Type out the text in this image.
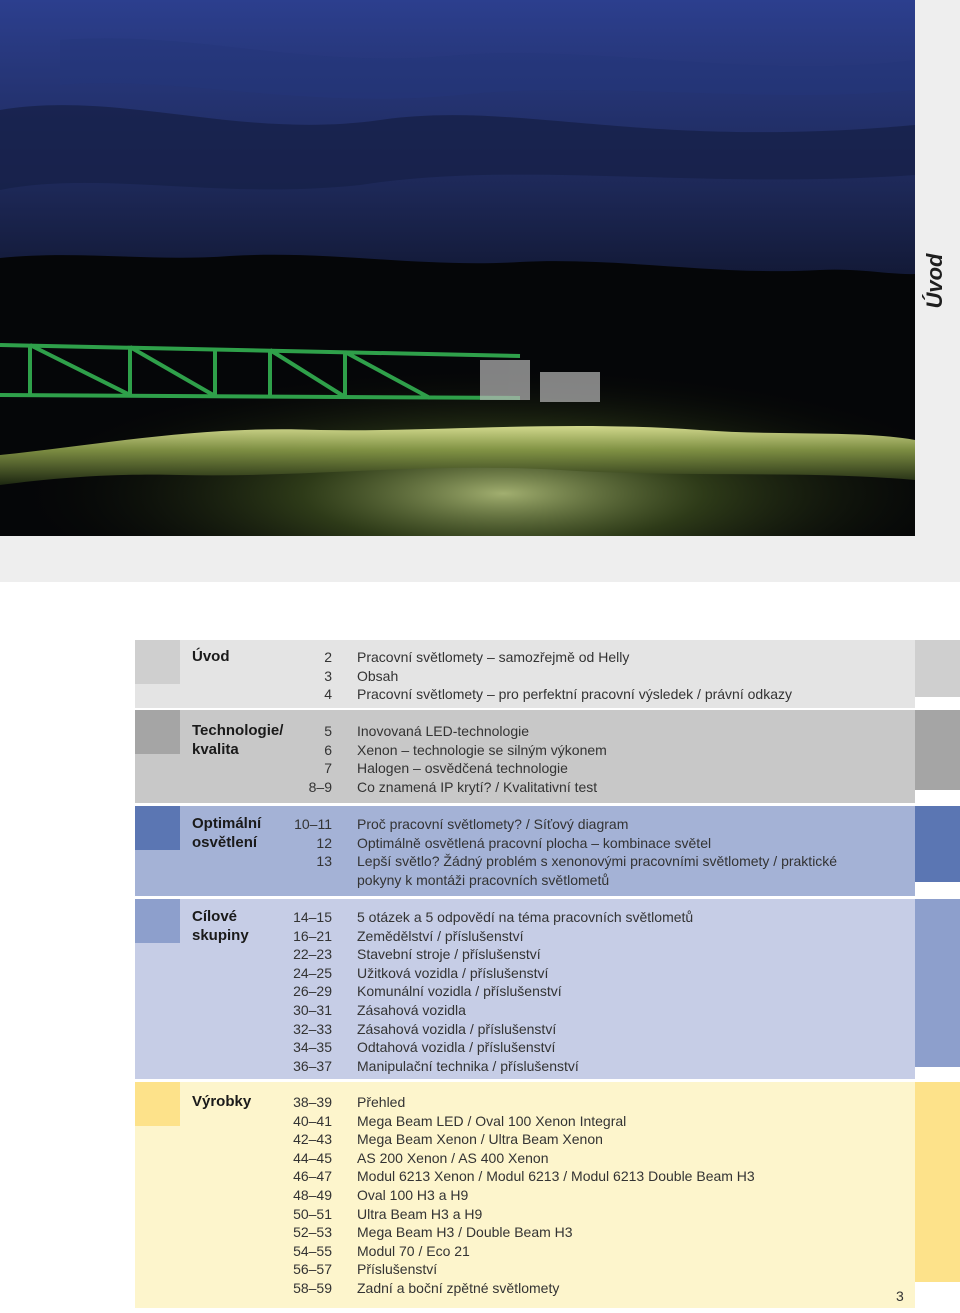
Úvod
Úvod	2
3
4
Pracovní světlomety – samozřejmě od Helly
Obsah
Pracovní světlomety – pro perfektní pracovní výsledek / právní odkazy
Technologie/ kvalita
5
6
7
8–9
Inovovaná LED-technologie
Xenon – technologie se silným výkonem
Halogen – osvědčená technologie
Co znamená IP krytí? / Kvalitativní test
Optimální osvětlení
10–11
12
13
Proč pracovní světlomety? / Síťový diagram
Optimálně osvětlená pracovní plocha – kombinace světel
Lepší světlo? Žádný problém s xenonovými pracovními světlomety / praktické pokyny k montáži pracovních světlometů
Cílové skupiny
14–15
16–21
22–23
24–25
26–29
30–31
32–33
34–35
36–37
5 otázek a 5 odpovědí na téma pracovních světlometů
Zemědělství / příslušenství
Stavební stroje / příslušenství
Užitková vozidla / příslušenství
Komunální vozidla / příslušenství
Zásahová vozidla
Zásahová vozidla / příslušenství
Odtahová vozidla / příslušenství
Manipulační technika / příslušenství
Výrobky	38–39
40–41
42–43
44–45
46–47
48–49
50–51
52–53
54–55
56–57
58–59
Přehled
Mega Beam LED / Oval 100 Xenon Integral
Mega Beam Xenon / Ultra Beam Xenon
AS 200 Xenon / AS 400 Xenon
Modul 6213 Xenon / Modul 6213 / Modul 6213 Double Beam H3
Oval 100 H3 a H9
Ultra Beam H3 a H9
Mega Beam H3 / Double Beam H3
Modul 70 / Eco 21
Příslušenství
Zadní a boční zpětné světlomety
3
